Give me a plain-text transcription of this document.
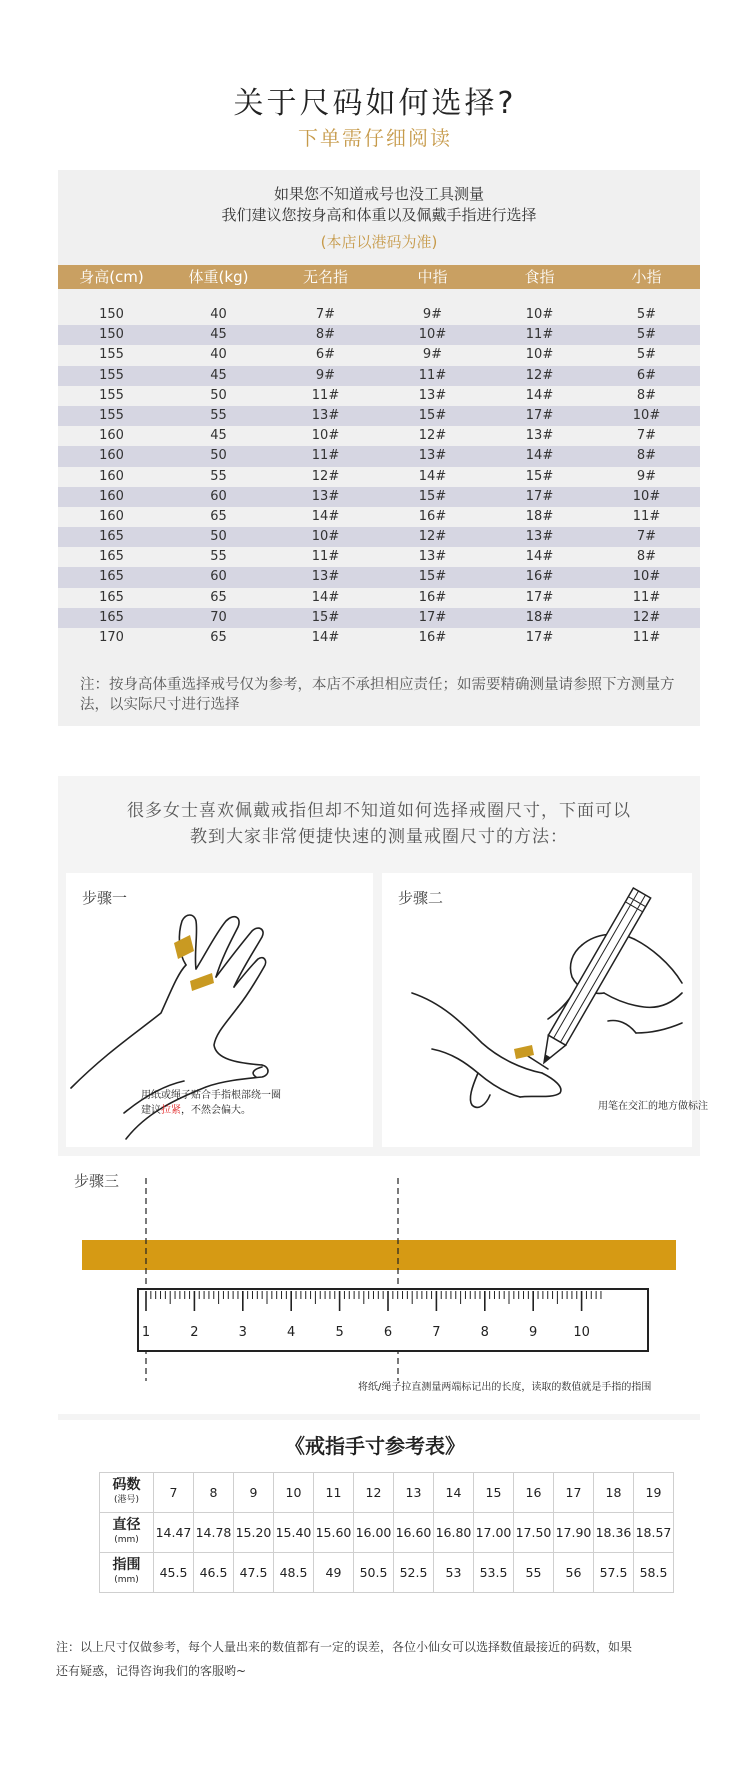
关于尺码如何选择?
下单需仔细阅读
如果您不知道戒号也没工具测量
我们建议您按身高和体重以及佩戴手指进行选择
(本店以港码为准)
身高(cm)	体重(kg)	无名指	中指	食指	小指
150	40	7#	9#	10#	5#
150	45	8#	10#	11#	5#
155	40	6#	9#	10#	5#
155	45	9#	11#	12#	6#
155	50	11#	13#	14#	8#
155	55	13#	15#	17#	10#
160	45	10#	12#	13#	7#
160	50	11#	13#	14#	8#
160	55	12#	14#	15#	9#
160	60	13#	15#	17#	10#
160	65	14#	16#	18#	11#
165	50	10#	12#	13#	7#
165	55	11#	13#	14#	8#
165	60	13#	15#	16#	10#
165	65	14#	16#	17#	11#
165	70	15#	17#	18#	12#
170	65	14#	16#	17#	11#
注：按身高体重选择戒号仅为参考，本店不承担相应责任；如需要精确测量请参照下方测量方法，以实际尺寸进行选择
很多女士喜欢佩戴戒指但却不知道如何选择戒圈尺寸，下面可以
教到大家非常便捷快速的测量戒圈尺寸的方法：
步骤一
用纸或绳子贴合手指根部绕一圈
建议拉紧，不然会偏大。
步骤二
用笔在交汇的地方做标注
步骤三
1	2	3	4	5	6	7	8	9	10
将纸/绳子拉直测量两端标记出的长度，读取的数值就是手指的指围
《戒指手寸参考表》
码数
(港号)	7	8	9	10	11	12	13	14	15	16	17	18	19
直径
(mm)	14.47	14.78	15.20	15.40	15.60	16.00	16.60	16.80	17.00	17.50	17.90	18.36	18.57
指围
(mm)	45.5	46.5	47.5	48.5	49	50.5	52.5	53	53.5	55	56	57.5	58.5
注：以上尺寸仅做参考，每个人量出来的数值都有一定的误差，各位小仙女可以选择数值最接近的码数，如果
还有疑惑，记得咨询我们的客服哟~
